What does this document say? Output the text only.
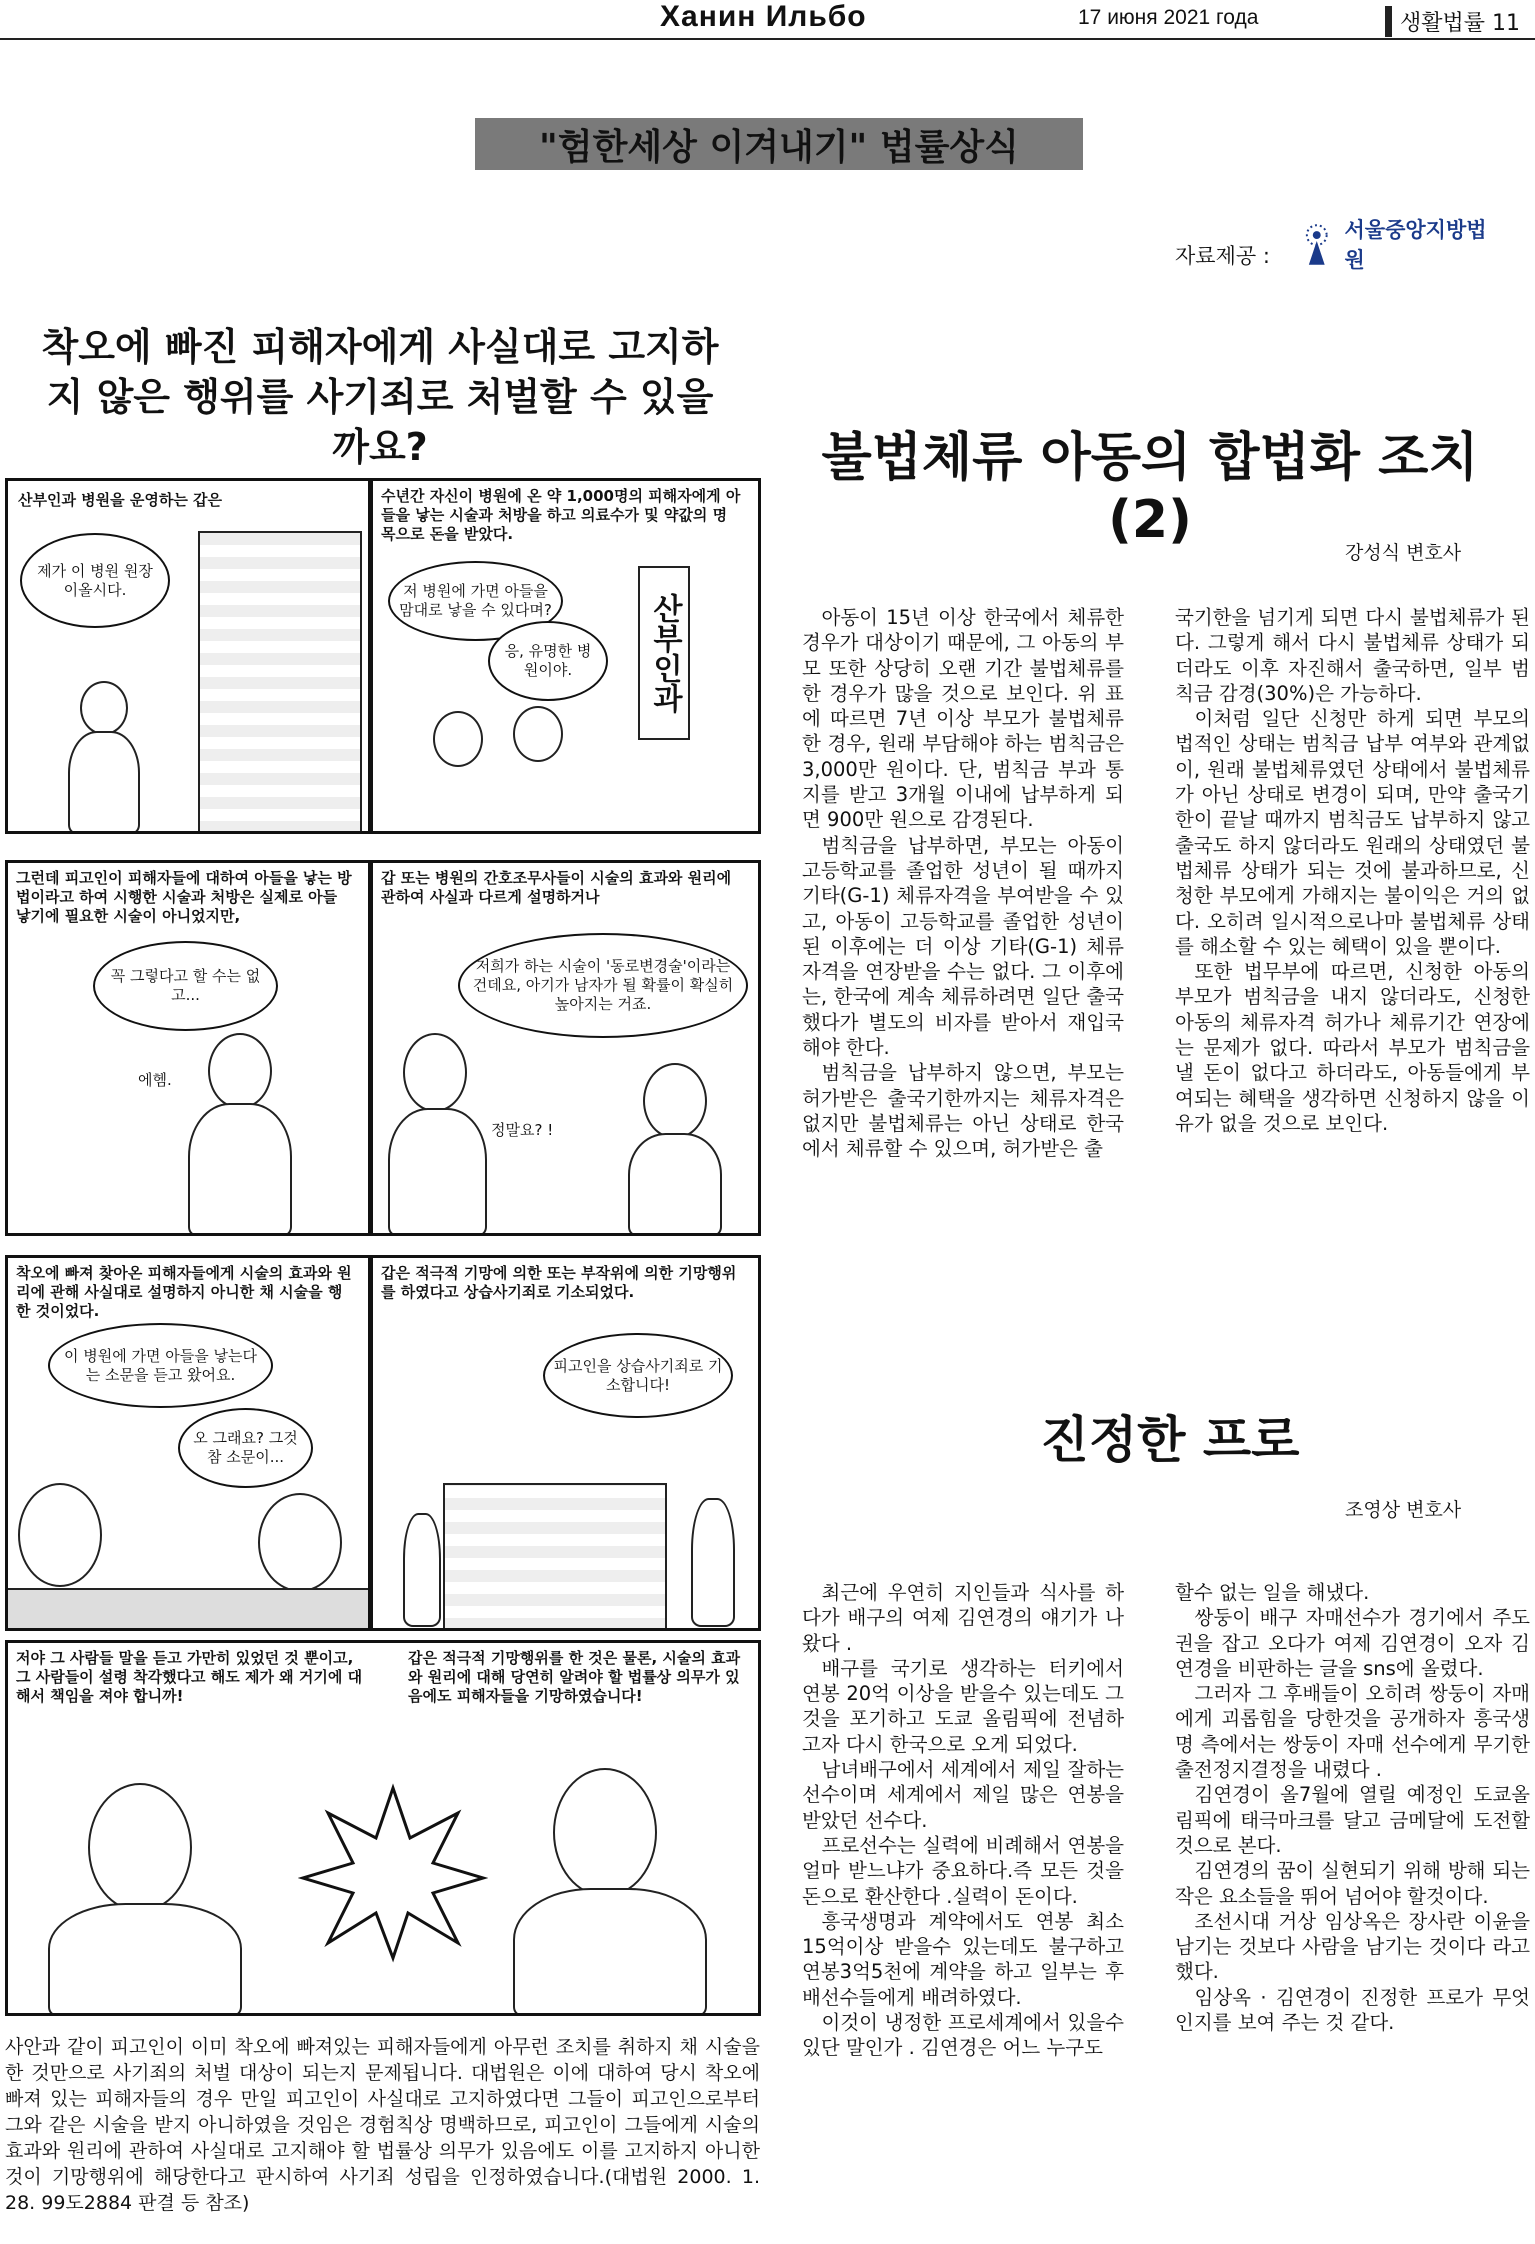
Ханин Ильбо	17 июня 2021 года	생활법률 11
"험한세상 이겨내기" 법률상식
자료제공 :
서울중앙지방법원
착오에 빠진 피해자에게 사실대로 고지하지 않은 행위를 사기죄로 처벌할 수 있을까요?
산부인과 병원을 운영하는 갑은
제가 이 병원 원장이올시다.
수년간 자신이 병원에 온 약 1,000명의 피해자에게 아들을 낳는 시술과 처방을 하고 의료수가 및 약값의 명목으로 돈을 받았다.
저 병원에 가면 아들을 맘대로 낳을 수 있다며?
응, 유명한 병원이야.	산부인과
그런데 피고인이 피해자들에 대하여 아들을 낳는 방법이라고 하여 시행한 시술과 처방은 실제로 아들 낳기에 필요한 시술이 아니었지만,
꼭 그렇다고 할 수는 없고...
에헴.
갑 또는 병원의 간호조무사들이 시술의 효과와 원리에 관하여 사실과 다르게 설명하거나
저희가 하는 시술이 '동로변경술'이라는 건데요, 아기가 남자가 될 확률이 확실히 높아지는 거죠.
정말요? !
착오에 빠져 찾아온 피해자들에게 시술의 효과와 원리에 관해 사실대로 설명하지 아니한 채 시술을 행한 것이었다.
이 병원에 가면 아들을 낳는다는 소문을 듣고 왔어요.
오 그래요? 그것 참 소문이...
갑은 적극적 기망에 의한 또는 부작위에 의한 기망행위를 하였다고 상습사기죄로 기소되었다.
피고인을 상습사기죄로 기소합니다!
저야 그 사람들 말을 듣고 가만히 있었던 것 뿐이고, 그 사람들이 설령 착각했다고 해도 제가 왜 거기에 대해서 책임을 져야 합니까!
갑은 적극적 기망행위를 한 것은 물론, 시술의 효과와 원리에 대해 당연히 알려야 할 법률상 의무가 있음에도 피해자들을 기망하였습니다!
사안과 같이 피고인이 이미 착오에 빠져있는 피해자들에게 아무런 조치를 취하지 채 시술을 한 것만으로 사기죄의 처벌 대상이 되는지 문제됩니다. 대법원은 이에 대하여 당시 착오에 빠져 있는 피해자들의 경우 만일 피고인이 사실대로 고지하였다면 그들이 피고인으로부터 그와 같은 시술을 받지 아니하였을 것임은 경험칙상 명백하므로, 피고인이 그들에게 시술의 효과와 원리에 관하여 사실대로 고지해야 할 법률상 의무가 있음에도 이를 고지하지 아니한 것이 기망행위에 해당한다고 판시하여 사기죄 성립을 인정하였습니다.(대법원 2000. 1. 28. 99도2884 판결 등 참조)
불법체류 아동의 합법화 조치 (2)
강성식 변호사

아동이 15년 이상 한국에서 체류한 경우가 대상이기 때문에, 그 아동의 부모 또한 상당히 오랜 기간 불법체류를 한 경우가 많을 것으로 보인다. 위 표에 따르면 7년 이상 부모가 불법체류한 경우, 원래 부담해야 하는 범칙금은 3,000만 원이다. 단, 범칙금 부과 통지를 받고 3개월 이내에 납부하게 되면 900만 원으로 감경된다.

범칙금을 납부하면, 부모는 아동이 고등학교를 졸업한 성년이 될 때까지 기타(G-1) 체류자격을 부여받을 수 있고, 아동이 고등학교를 졸업한 성년이 된 이후에는 더 이상 기타(G-1) 체류자격을 연장받을 수는 없다. 그 이후에는, 한국에 계속 체류하려면 일단 출국했다가 별도의 비자를 받아서 재입국해야 한다.

범칙금을 납부하지 않으면, 부모는 허가받은 출국기한까지는 체류자격은 없지만 불법체류는 아닌 상태로 한국에서 체류할 수 있으며, 허가받은 출

국기한을 넘기게 되면 다시 불법체류가 된다. 그렇게 해서 다시 불법체류 상태가 되더라도 이후 자진해서 출국하면, 일부 범칙금 감경(30%)은 가능하다.

이처럼 일단 신청만 하게 되면 부모의 법적인 상태는 범칙금 납부 여부와 관계없이, 원래 불법체류였던 상태에서 불법체류가 아닌 상태로 변경이 되며, 만약 출국기한이 끝날 때까지 범칙금도 납부하지 않고 출국도 하지 않더라도 원래의 상태였던 불법체류 상태가 되는 것에 불과하므로, 신청한 부모에게 가해지는 불이익은 거의 없다. 오히려 일시적으로나마 불법체류 상태를 해소할 수 있는 혜택이 있을 뿐이다.

또한 법무부에 따르면, 신청한 아동의 부모가 범칙금을 내지 않더라도, 신청한 아동의 체류자격 허가나 체류기간 연장에는 문제가 없다. 따라서 부모가 범칙금을 낼 돈이 없다고 하더라도, 아동들에게 부여되는 혜택을 생각하면 신청하지 않을 이유가 없을 것으로 보인다.

진정한 프로
조영상 변호사

최근에 우연히 지인들과 식사를 하다가 배구의 여제 김연경의 얘기가 나왔다 .

배구를 국기로 생각하는 터키에서 연봉 20억 이상을 받을수 있는데도 그것을 포기하고 도쿄 올림픽에 전념하고자 다시 한국으로 오게 되었다.

남녀배구에서 세계에서 제일 잘하는 선수이며 세계에서 제일 많은 연봉을 받았던 선수다.

프로선수는 실력에 비례해서 연봉을 얼마 받느냐가 중요하다.즉 모든 것을 돈으로 환산한다 .실력이 돈이다.

흥국생명과 계약에서도 연봉 최소 15억이상 받을수 있는데도 불구하고 연봉3억5천에 계약을 하고 일부는 후배선수들에게 배려하였다.

이것이 냉정한 프로세계에서 있을수 있단 말인가 . 김연경은 어느 누구도

할수 없는 일을 해냈다.

쌍둥이 배구 자매선수가 경기에서 주도권을 잡고 오다가 여제 김연경이 오자 김연경을 비판하는 글을 sns에 올렸다.

그러자 그 후배들이 오히려 쌍둥이 자매에게 괴롭힘을 당한것을 공개하자 흥국생명 측에서는 쌍둥이 자매 선수에게 무기한 출전정지결정을 내렸다 .

김연경이 올7월에 열릴 예정인 도쿄올림픽에 태극마크를 달고 금메달에 도전할것으로 본다.

김연경의 꿈이 실현되기 위해 방해 되는 작은 요소들을 뛰어 넘어야 할것이다.

조선시대 거상 임상옥은 장사란 이윤을 남기는 것보다 사람을 남기는 것이다 라고 했다.

임상옥 · 김연경이 진정한 프로가 무엇인지를 보여 주는 것 같다.
